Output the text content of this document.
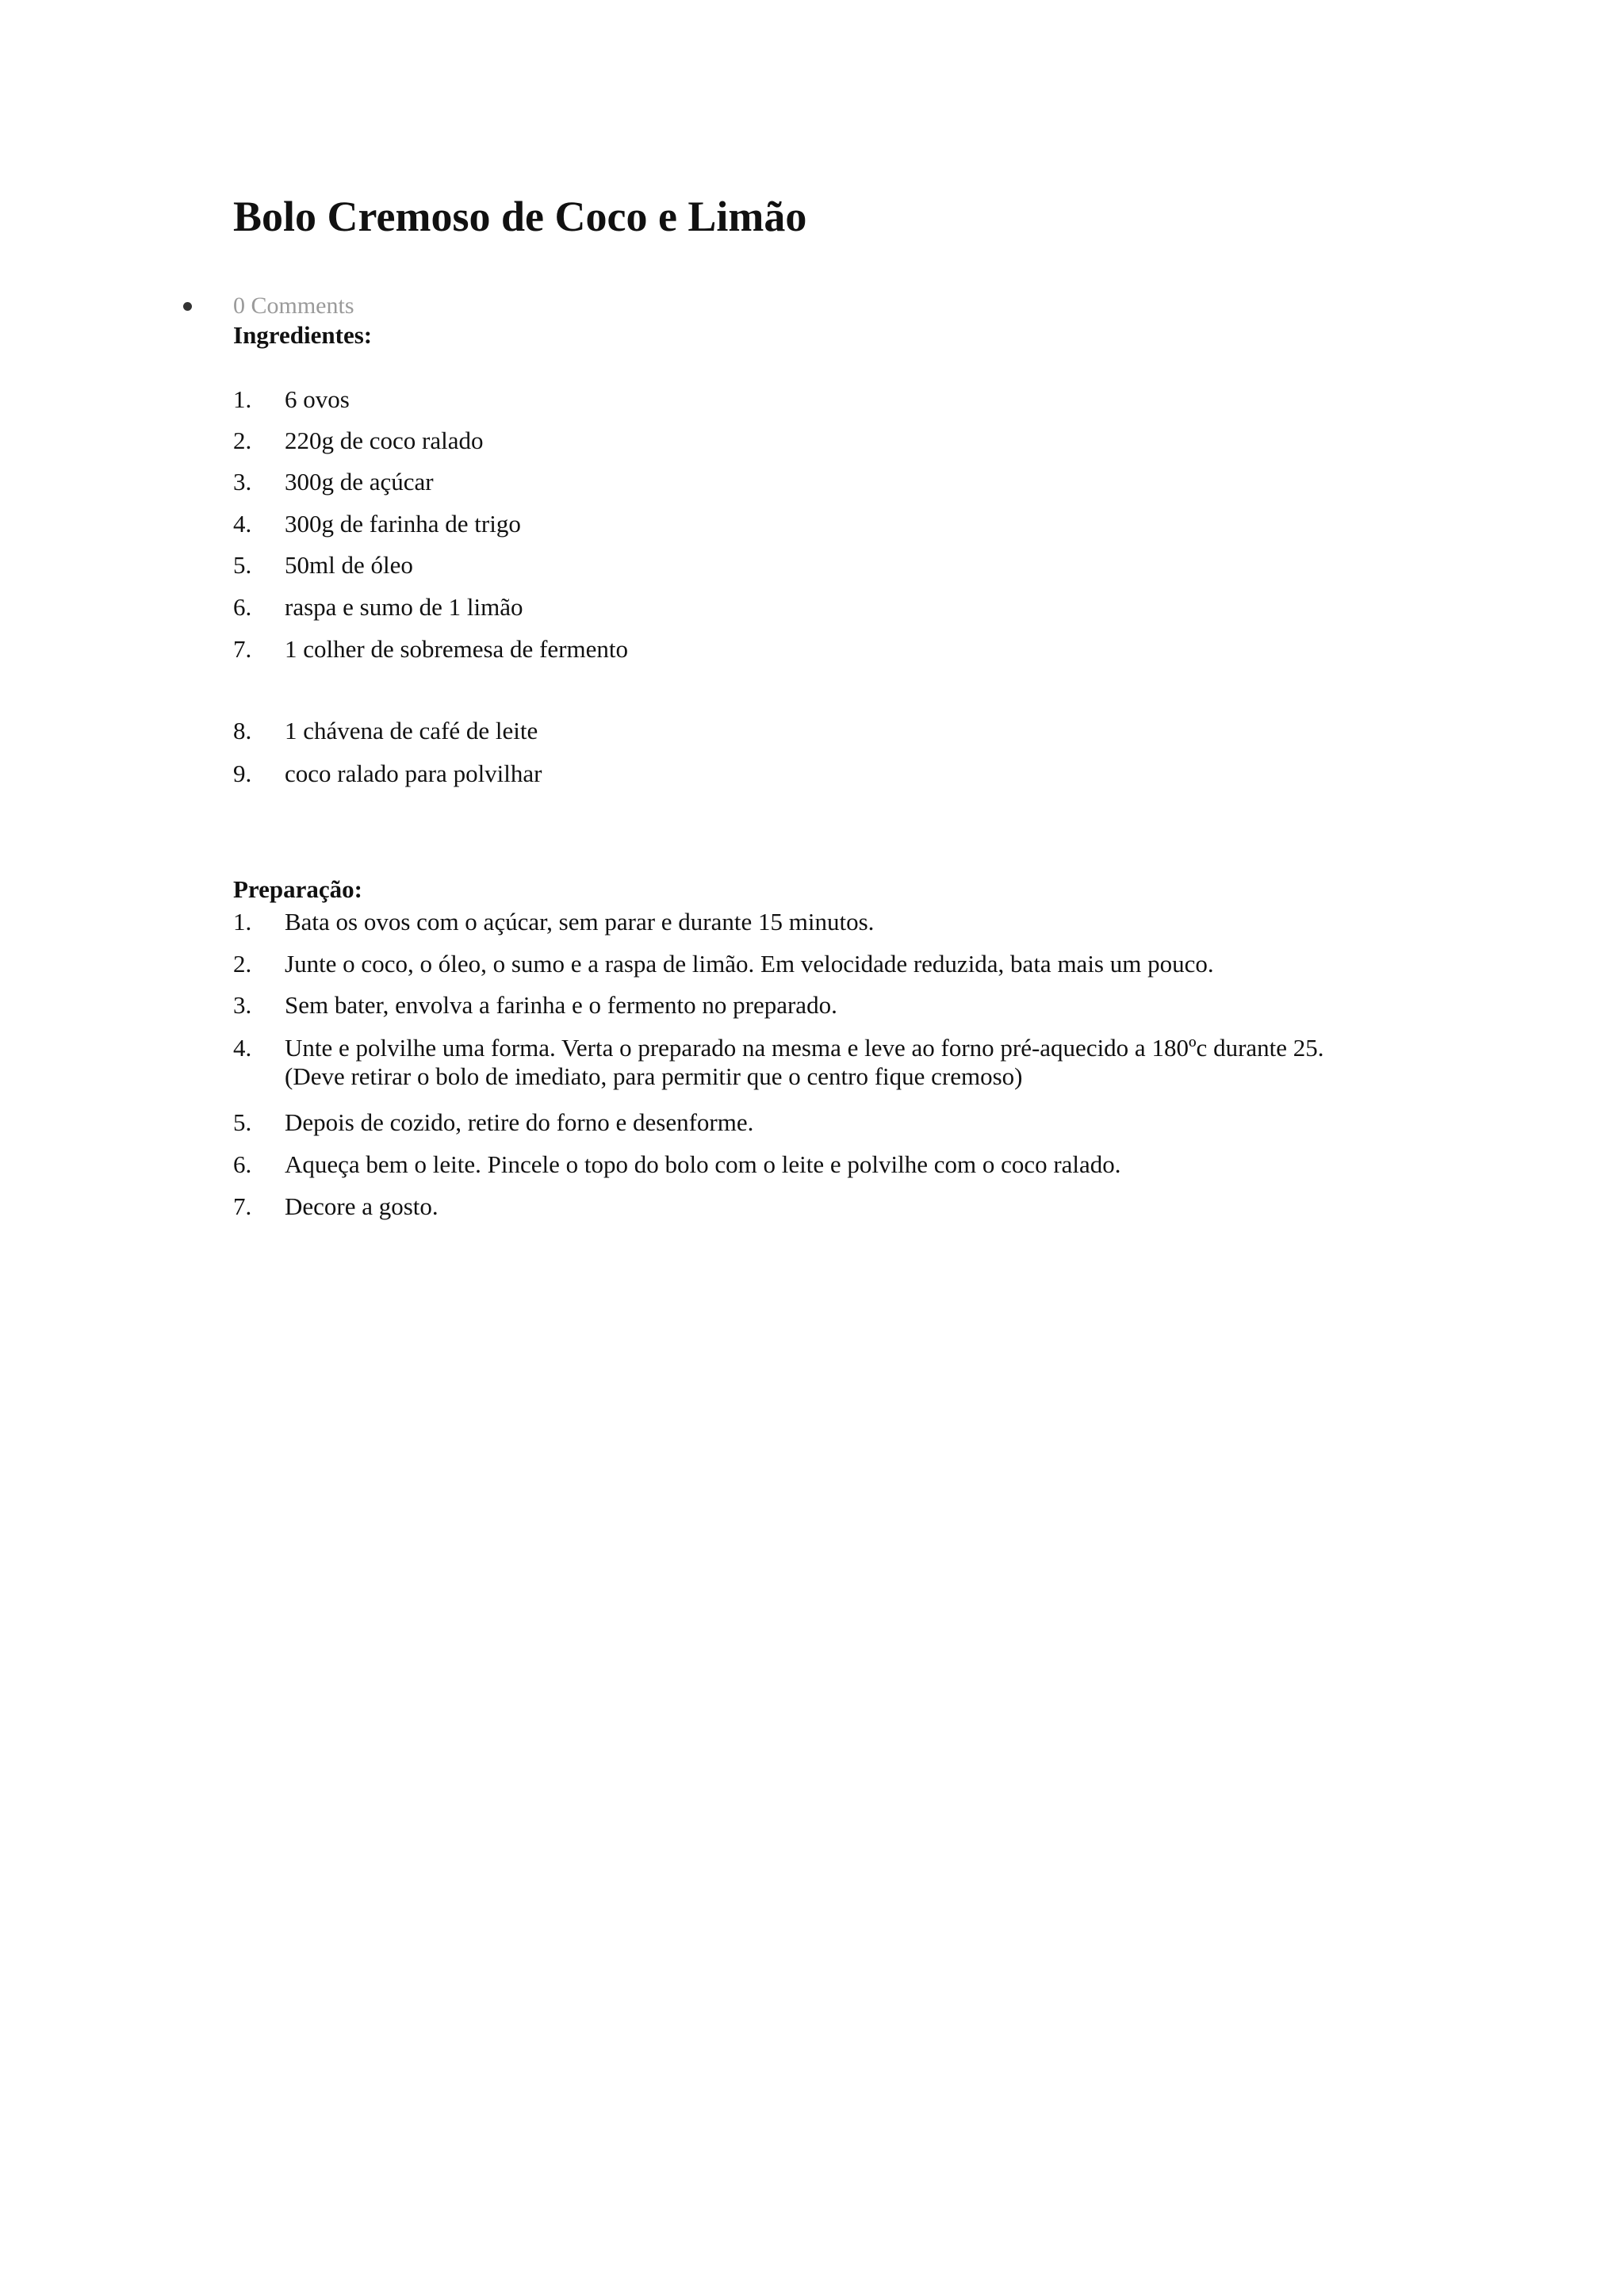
Bolo Cremoso de Coco e Limão
0 Comments
Ingredientes:
1. 6 ovos
2. 220g de coco ralado
3. 300g de açúcar
4. 300g de farinha de trigo
5. 50ml de óleo
6. raspa e sumo de 1 limão
7. 1 colher de sobremesa de fermento
8. 1 chávena de café de leite
9. coco ralado para polvilhar
Preparação:
1. Bata os ovos com o açúcar, sem parar e durante 15 minutos.
2. Junte o coco, o óleo, o sumo e a raspa de limão. Em velocidade reduzida, bata mais um pouco.
3. Sem bater, envolva a farinha e o fermento no preparado.
4. Unte e polvilhe uma forma. Verta o preparado na mesma e leve ao forno pré-aquecido a 180ºc durante 25. (Deve retirar o bolo de imediato, para permitir que o centro fique cremoso)
5. Depois de cozido, retire do forno e desenforme.
6. Aqueça bem o leite. Pincele o topo do bolo com o leite e polvilhe com o coco ralado.
7. Decore a gosto.
